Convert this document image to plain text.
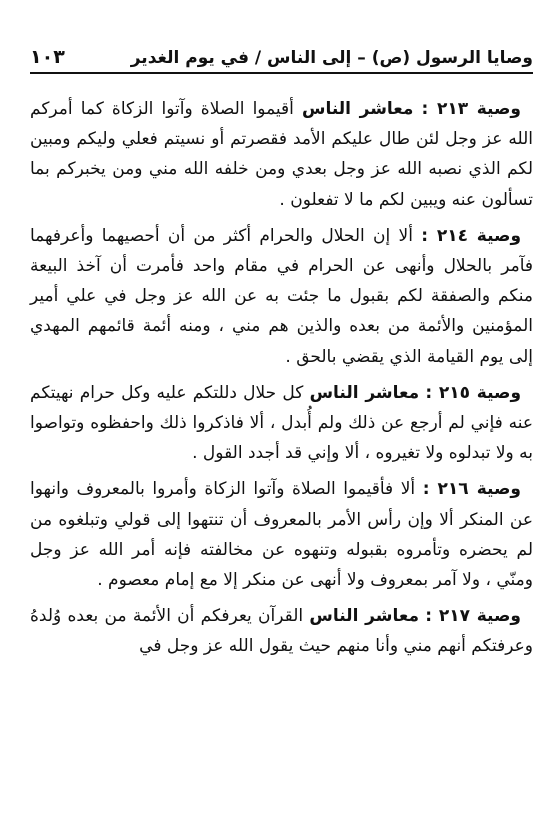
وصايا الرسول (ص) – إلى الناس / في يوم الغدير
١٠٣

وصية ٢١٣ : معاشر الناس أقيموا الصلاة وآتوا الزكاة كما أمركم الله عز وجل لئن طال عليكم الأمد فقصرتم أو نسيتم فعلي وليكم ومبين لكم الذي نصبه الله عز وجل بعدي ومن خلفه الله مني ومن يخبركم بما تسألون عنه ويبين لكم ما لا تفعلون .

وصية ٢١٤ : ألا إن الحلال والحرام أكثر من أن أحصيهما وأعرفهما فآمر بالحلال وأنهى عن الحرام في مقام واحد فأمرت أن آخذ البيعة منكم والصفقة لكم بقبول ما جئت به عن الله عز وجل في علي أمير المؤمنين والأئمة من بعده والذين هم مني ، ومنه أئمة قائمهم المهدي إلى يوم القيامة الذي يقضي بالحق .

وصية ٢١٥ : معاشر الناس كل حلال دللتكم عليه وكل حرام نهيتكم عنه فإني لم أرجع عن ذلك ولم أُبدل ، ألا فاذكروا ذلك واحفظوه وتواصوا به ولا تبدلوه ولا تغيروه ، ألا وإني قد أجدد القول .

وصية ٢١٦ : ألا فأقيموا الصلاة وآتوا الزكاة وأمروا بالمعروف وانهوا عن المنكر ألا وإن رأس الأمر بالمعروف أن تنتهوا إلى قولي وتبلغوه من لم يحضره وتأمروه بقبوله وتنهوه عن مخالفته فإنه أمر الله عز وجل ومنّي ، ولا آمر بمعروف ولا أنهى عن منكر إلا مع إمام معصوم .

وصية ٢١٧ : معاشر الناس القرآن يعرفكم أن الأئمة من بعده وُلدهُ وعرفتكم أنهم مني وأنا منهم حيث يقول الله عز وجل في
